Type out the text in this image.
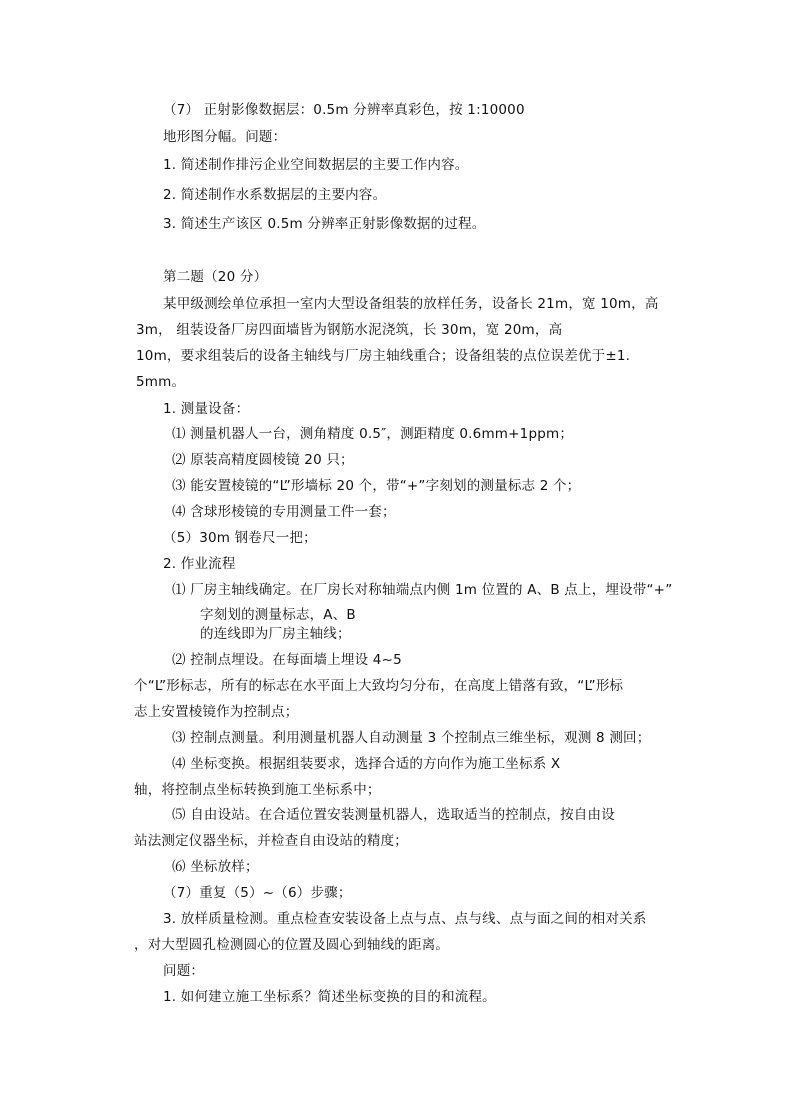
（7） 正射影像数据层：0.5m 分辨率真彩色，按 1:10000
地形图分幅。问题：
1. 简述制作排污企业空间数据层的主要工作内容。
2. 简述制作水系数据层的主要内容。
3. 简述生产该区 0.5m 分辨率正射影像数据的过程。
第二题（20 分）
某甲级测绘单位承担一室内大型设备组装的放样任务，设备长 21m，宽 10m，高
3m， 组装设备厂房四面墙皆为钢筋水泥浇筑，长 30m，宽 20m，高
10m，要求组装后的设备主轴线与厂房主轴线重合；设备组装的点位误差优于±1.
5mm。
1. 测量设备：
⑴ 测量机器人一台，测角精度 0.5″，测距精度 0.6mm+1ppm；
⑵ 原装高精度圆棱镜 20 只；
⑶ 能安置棱镜的“L”形墙标 20 个，带“+”字刻划的测量标志 2 个；
⑷ 含球形棱镜的专用测量工件一套；
（5）30m 钢卷尺一把；
2. 作业流程
⑴ 厂房主轴线确定。在厂房长对称轴端点内侧 1m 位置的 A、B 点上，埋设带“+”
字刻划的测量标志，A、B
的连线即为厂房主轴线；
⑵ 控制点埋设。在每面墙上埋设 4~5
个“L”形标志，所有的标志在水平面上大致均匀分布，在高度上错落有致，“L”形标
志上安置棱镜作为控制点；
⑶ 控制点测量。利用测量机器人自动测量 3 个控制点三维坐标，观测 8 测回；
⑷ 坐标变换。根据组装要求，选择合适的方向作为施工坐标系 X
轴，将控制点坐标转换到施工坐标系中；
⑸ 自由设站。在合适位置安装测量机器人，选取适当的控制点，按自由设
站法测定仪器坐标，并检查自由设站的精度；
⑹ 坐标放样；
（7）重复（5）~（6）步骤；
3. 放样质量检测。重点检查安装设备上点与点、点与线、点与面之间的相对关系
，对大型圆孔检测圆心的位置及圆心到轴线的距离。
问题：
1. 如何建立施工坐标系？简述坐标变换的目的和流程。
